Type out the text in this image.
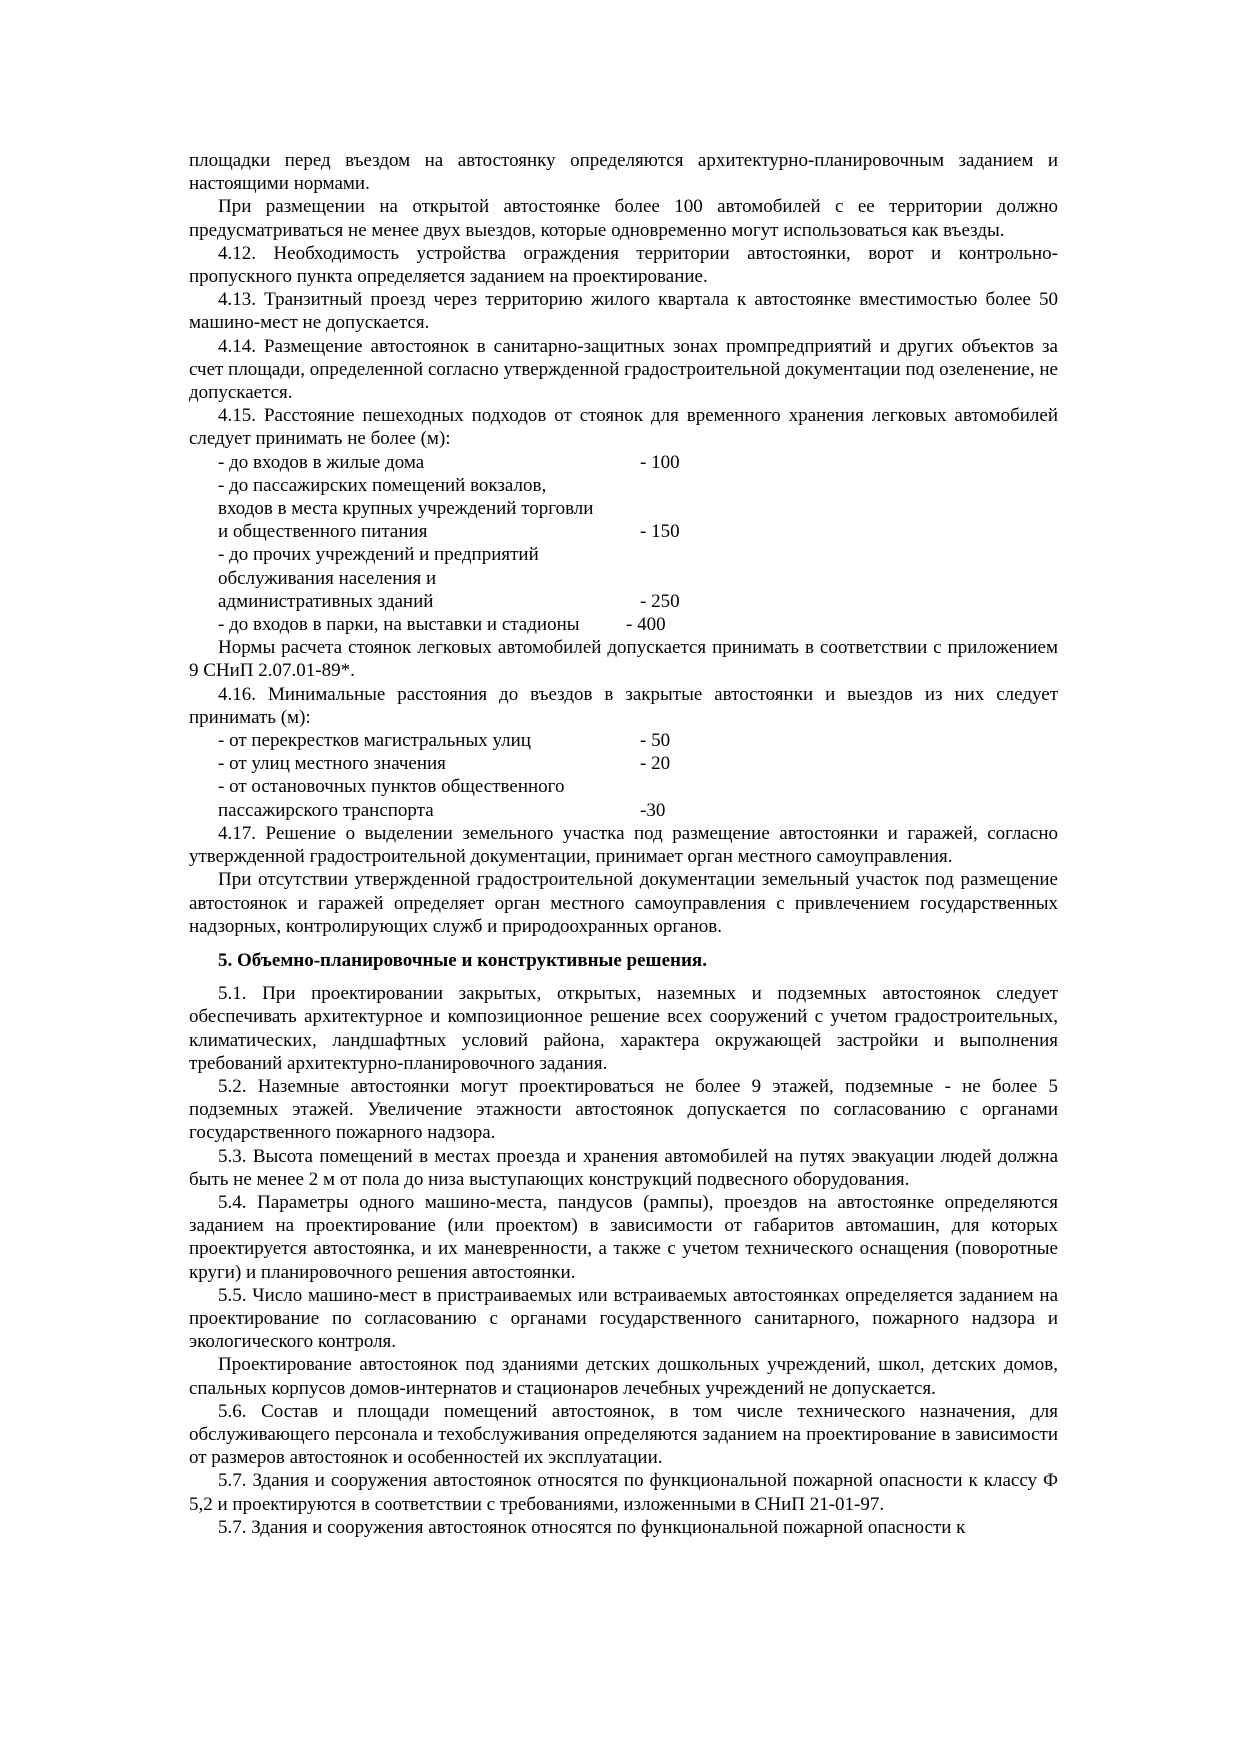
площадки перед въездом на автостоянку определяются архитектурно-планировочным заданием и настоящими нормами.

При размещении на открытой автостоянке более 100 автомобилей с ее территории должно предусматриваться не менее двух выездов, которые одновременно могут использоваться как въезды.

4.12. Необходимость устройства ограждения территории автостоянки, ворот и контрольно-пропускного пункта определяется заданием на проектирование.

4.13. Транзитный проезд через территорию жилого квартала к автостоянке вместимостью более 50 машино-мест не допускается.

4.14. Размещение автостоянок в санитарно-защитных зонах промпредприятий и других объектов за счет площади, определенной согласно утвержденной градостроительной документации под озеленение, не допускается.

4.15. Расстояние пешеходных подходов от стоянок для временного хранения легковых автомобилей следует принимать не более (м):

- до входов в жилые дома	- 100
- до пассажирских помещений вокзалов,
входов в места крупных учреждений торговли
и общественного питания	- 150
- до прочих учреждений и предприятий
обслуживания населения и
административных зданий	- 250
- до входов в парки, на выставки и стадионы	- 400

Нормы расчета стоянок легковых автомобилей допускается принимать в соответствии с приложением 9 СНиП 2.07.01-89*.

4.16. Минимальные расстояния до въездов в закрытые автостоянки и выездов из них следует принимать (м):

- от перекрестков магистральных улиц	- 50
- от улиц местного значения	- 20
- от остановочных пунктов общественного
пассажирского транспорта	-30

4.17. Решение о выделении земельного участка под размещение автостоянки и гаражей, согласно утвержденной градостроительной документации, принимает орган местного самоуправления.

При отсутствии утвержденной градостроительной документации земельный участок под размещение автостоянок и гаражей определяет орган местного самоуправления с привлечением государственных надзорных, контролирующих служб и природоохранных органов.

5. Объемно-планировочные и конструктивные решения.

5.1. При проектировании закрытых, открытых, наземных и подземных автостоянок следует обеспечивать архитектурное и композиционное решение всех сооружений с учетом градостроительных, климатических, ландшафтных условий района, характера окружающей застройки и выполнения требований архитектурно-планировочного задания.

5.2. Наземные автостоянки могут проектироваться не более 9 этажей, подземные - не более 5 подземных этажей. Увеличение этажности автостоянок допускается по согласованию с органами государственного пожарного надзора.

5.3. Высота помещений в местах проезда и хранения автомобилей на путях эвакуации людей должна быть не менее 2 м от пола до низа выступающих конструкций подвесного оборудования.

5.4. Параметры одного машино-места, пандусов (рампы), проездов на автостоянке определяются заданием на проектирование (или проектом) в зависимости от габаритов автомашин, для которых проектируется автостоянка, и их маневренности, а также с учетом технического оснащения (поворотные круги) и планировочного решения автостоянки.

5.5. Число машино-мест в пристраиваемых или встраиваемых автостоянках определяется заданием на проектирование по согласованию с органами государственного санитарного, пожарного надзора и экологического контроля.

Проектирование автостоянок под зданиями детских дошкольных учреждений, школ, детских домов, спальных корпусов домов-интернатов и стационаров лечебных учреждений не допускается.

5.6. Состав и площади помещений автостоянок, в том числе технического назначения, для обслуживающего персонала и техобслуживания определяются заданием на проектирование в зависимости от размеров автостоянок и особенностей их эксплуатации.

5.7. Здания и сооружения автостоянок относятся по функциональной пожарной опасности к классу Ф 5,2 и проектируются в соответствии с требованиями, изложенными в СНиП 21-01-97.

5.7. Здания и сооружения автостоянок относятся по функциональной пожарной опасности к
